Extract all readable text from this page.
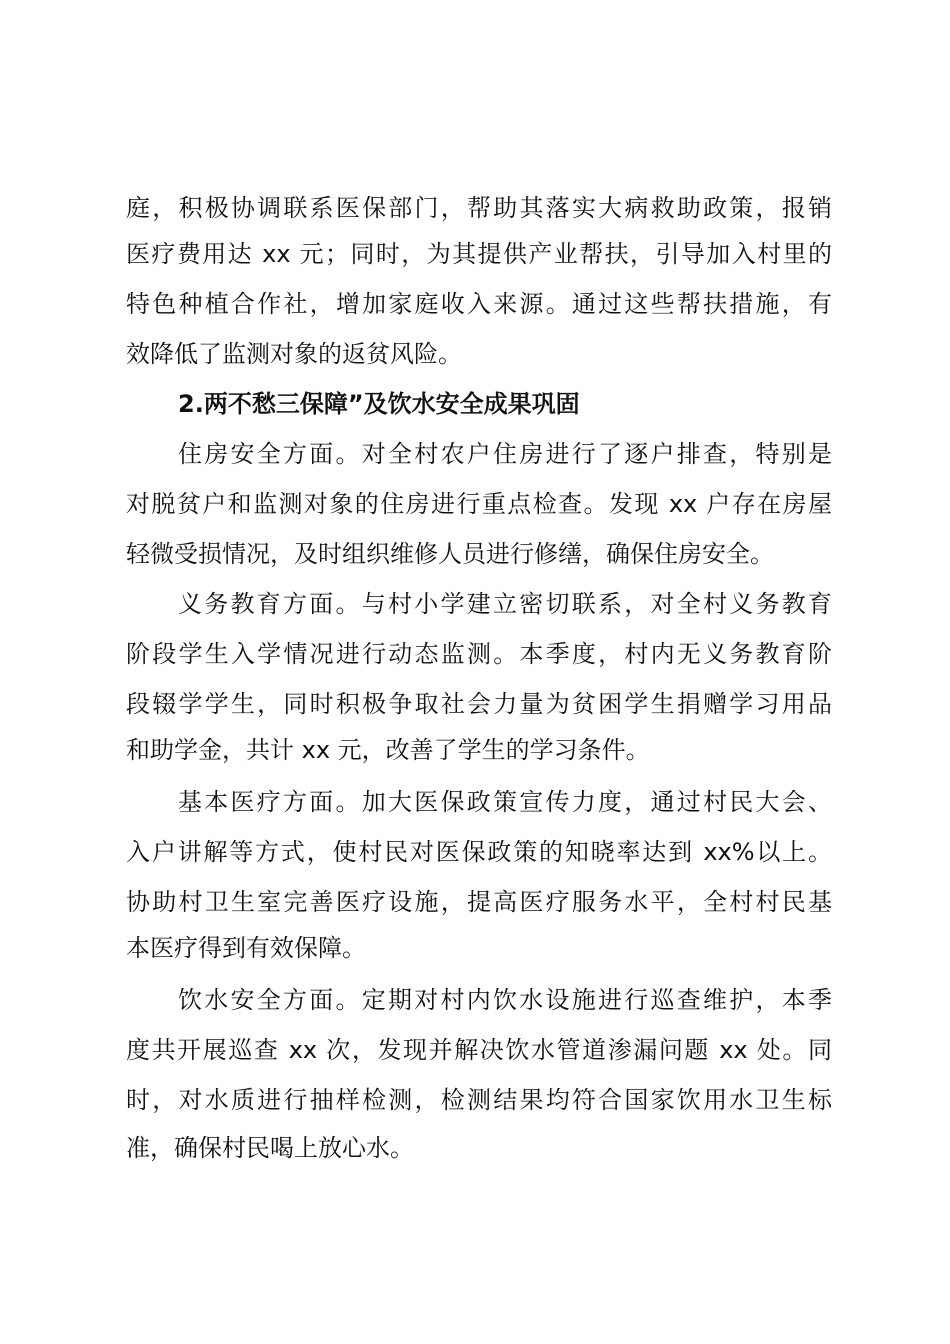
庭，积极协调联系医保部门，帮助其落实大病救助政策，报销
医疗费用达 xx 元；同时，为其提供产业帮扶，引导加入村里的
特色种植合作社，增加家庭收入来源。通过这些帮扶措施，有
效降低了监测对象的返贫风险。
2.两不愁三保障”及饮水安全成果巩固
住房安全方面。对全村农户住房进行了逐户排查，特别是
对脱贫户和监测对象的住房进行重点检查。发现 xx 户存在房屋
轻微受损情况，及时组织维修人员进行修缮，确保住房安全。
义务教育方面。与村小学建立密切联系，对全村义务教育
阶段学生入学情况进行动态监测。本季度，村内无义务教育阶
段辍学学生，同时积极争取社会力量为贫困学生捐赠学习用品
和助学金，共计 xx 元，改善了学生的学习条件。
基本医疗方面。加大医保政策宣传力度，通过村民大会、
入户讲解等方式，使村民对医保政策的知晓率达到 xx%以上。
协助村卫生室完善医疗设施，提高医疗服务水平，全村村民基
本医疗得到有效保障。
饮水安全方面。定期对村内饮水设施进行巡查维护，本季
度共开展巡查 xx 次，发现并解决饮水管道渗漏问题 xx 处。同
时，对水质进行抽样检测，检测结果均符合国家饮用水卫生标
准，确保村民喝上放心水。
